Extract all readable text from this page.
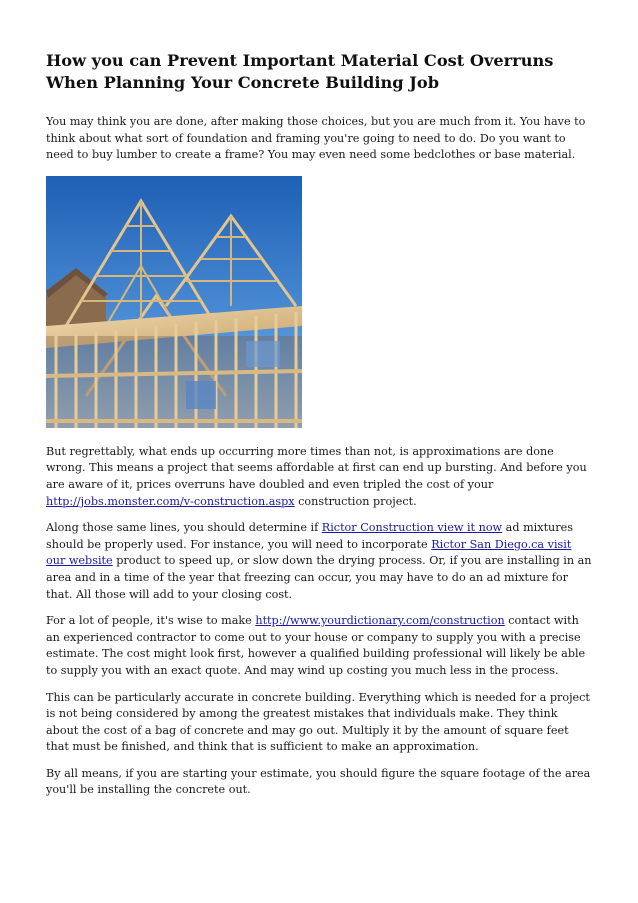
How you can Prevent Important Material Cost Overruns When Planning Your Concrete Building Job

You may think you are done, after making those choices, but you are much from it. You have to think about what sort of foundation and framing you're going to need to do. Do you want to need to buy lumber to create a frame? You may even need some bedclothes or base material.

But regrettably, what ends up occurring more times than not, is approximations are done wrong. This means a project that seems affordable at first can end up bursting. And before you are aware of it, prices overruns have doubled and even tripled the cost of your http://jobs.monster.com/v-construction.aspx construction project.

Along those same lines, you should determine if Rictor Construction view it now ad mixtures should be properly used. For instance, you will need to incorporate Rictor San Diego.ca visit our website product to speed up, or slow down the drying process. Or, if you are installing in an area and in a time of the year that freezing can occur, you may have to do an ad mixture for that. All those will add to your closing cost.

For a lot of people, it's wise to make http://www.yourdictionary.com/construction contact with an experienced contractor to come out to your house or company to supply you with a precise estimate. The cost might look first, however a qualified building professional will likely be able to supply you with an exact quote. And may wind up costing you much less in the process.

This can be particularly accurate in concrete building. Everything which is needed for a project is not being considered by among the greatest mistakes that individuals make. They think about the cost of a bag of concrete and may go out. Multiply it by the amount of square feet that must be finished, and think that is sufficient to make an approximation.

By all means, if you are starting your estimate, you should figure the square footage of the area you'll be installing the concrete out.
